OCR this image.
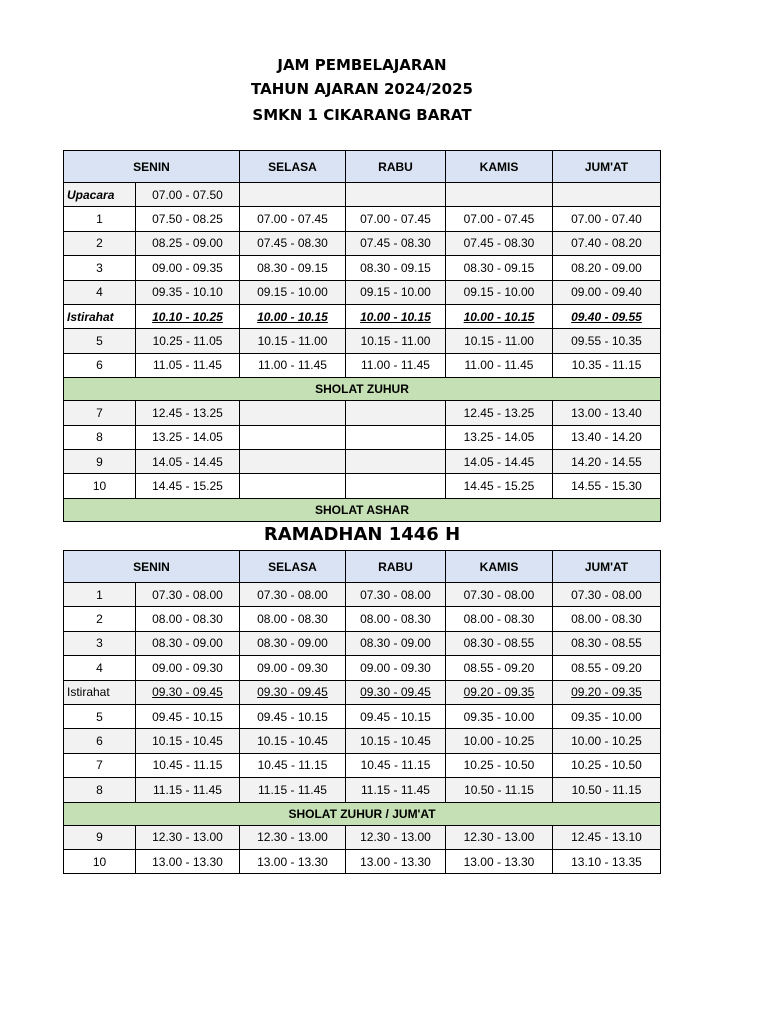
JAM PEMBELAJARAN
TAHUN AJARAN 2024/2025
SMKN 1 CIKARANG BARAT
SENIN		SELASA	RABU	KAMIS	JUM'AT
Upacara	07.00 - 07.50				
1	07.50 - 08.25	07.00 - 07.45	07.00 - 07.45	07.00 - 07.45	07.00 - 07.40
2	08.25 - 09.00	07.45 - 08.30	07.45 - 08.30	07.45 - 08.30	07.40 - 08.20
3	09.00 - 09.35	08.30 - 09.15	08.30 - 09.15	08.30 - 09.15	08.20 - 09.00
4	09.35 - 10.10	09.15 - 10.00	09.15 - 10.00	09.15 - 10.00	09.00 - 09.40
Istirahat	10.10 - 10.25	10.00 - 10.15	10.00 - 10.15	10.00 - 10.15	09.40 - 09.55
5	10.25 - 11.05	10.15 - 11.00	10.15 - 11.00	10.15 - 11.00	09.55 - 10.35
6	11.05 - 11.45	11.00 - 11.45	11.00 - 11.45	11.00 - 11.45	10.35 - 11.15
SHOLAT ZUHUR					
7	12.45 - 13.25			12.45 - 13.25	13.00 - 13.40
8	13.25 - 14.05			13.25 - 14.05	13.40 - 14.20
9	14.05 - 14.45			14.05 - 14.45	14.20 - 14.55
10	14.45 - 15.25			14.45 - 15.25	14.55 - 15.30
SHOLAT ASHAR					
RAMADHAN 1446 H
SENIN		SELASA	RABU	KAMIS	JUM'AT
1	07.30 - 08.00	07.30 - 08.00	07.30 - 08.00	07.30 - 08.00	07.30 - 08.00
2	08.00 - 08.30	08.00 - 08.30	08.00 - 08.30	08.00 - 08.30	08.00 - 08.30
3	08.30 - 09.00	08.30 - 09.00	08.30 - 09.00	08.30 - 08.55	08.30 - 08.55
4	09.00 - 09.30	09.00 - 09.30	09.00 - 09.30	08.55 - 09.20	08.55 - 09.20
Istirahat	09.30 - 09.45	09.30 - 09.45	09.30 - 09.45	09.20 - 09.35	09.20 - 09.35
5	09.45 - 10.15	09.45 - 10.15	09.45 - 10.15	09.35 - 10.00	09.35 - 10.00
6	10.15 - 10.45	10.15 - 10.45	10.15 - 10.45	10.00 - 10.25	10.00 - 10.25
7	10.45 - 11.15	10.45 - 11.15	10.45 - 11.15	10.25 - 10.50	10.25 - 10.50
8	11.15 - 11.45	11.15 - 11.45	11.15 - 11.45	10.50 - 11.15	10.50 - 11.15
SHOLAT ZUHUR / JUM'AT					
9	12.30 - 13.00	12.30 - 13.00	12.30 - 13.00	12.30 - 13.00	12.45 - 13.10
10	13.00 - 13.30	13.00 - 13.30	13.00 - 13.30	13.00 - 13.30	13.10 - 13.35
